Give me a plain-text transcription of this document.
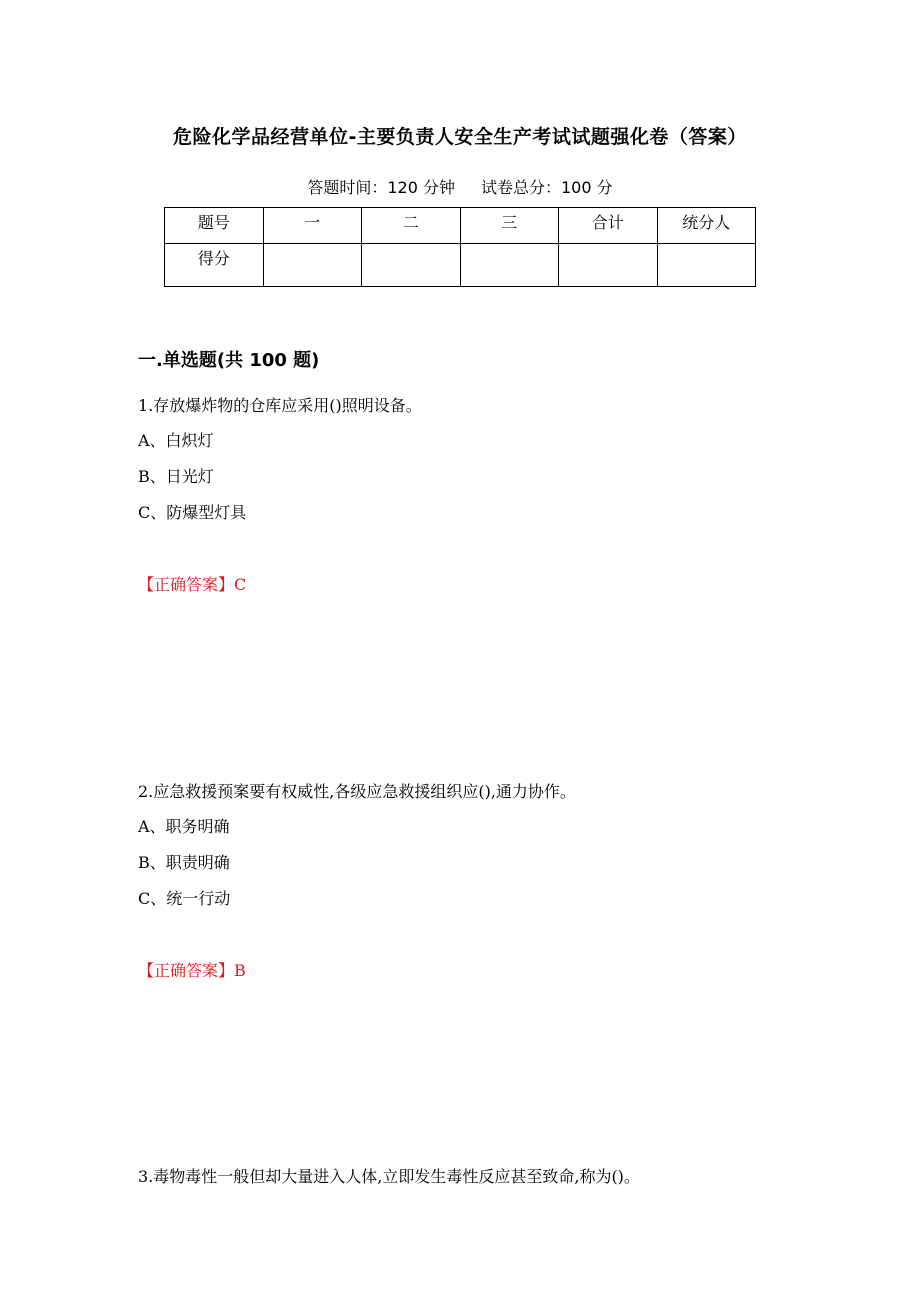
危险化学品经营单位-主要负责人安全生产考试试题强化卷（答案）
答题时间：120 分钟 试卷总分：100 分
题号	一	二	三	合计	统分人
得分					
一.单选题(共 100 题)
1.存放爆炸物的仓库应采用()照明设备。
A、白炽灯
B、日光灯
C、防爆型灯具
【正确答案】C
2.应急救援预案要有权威性,各级应急救援组织应(),通力协作。
A、职务明确
B、职责明确
C、统一行动
【正确答案】B
3.毒物毒性一般但却大量进入人体,立即发生毒性反应甚至致命,称为()。
